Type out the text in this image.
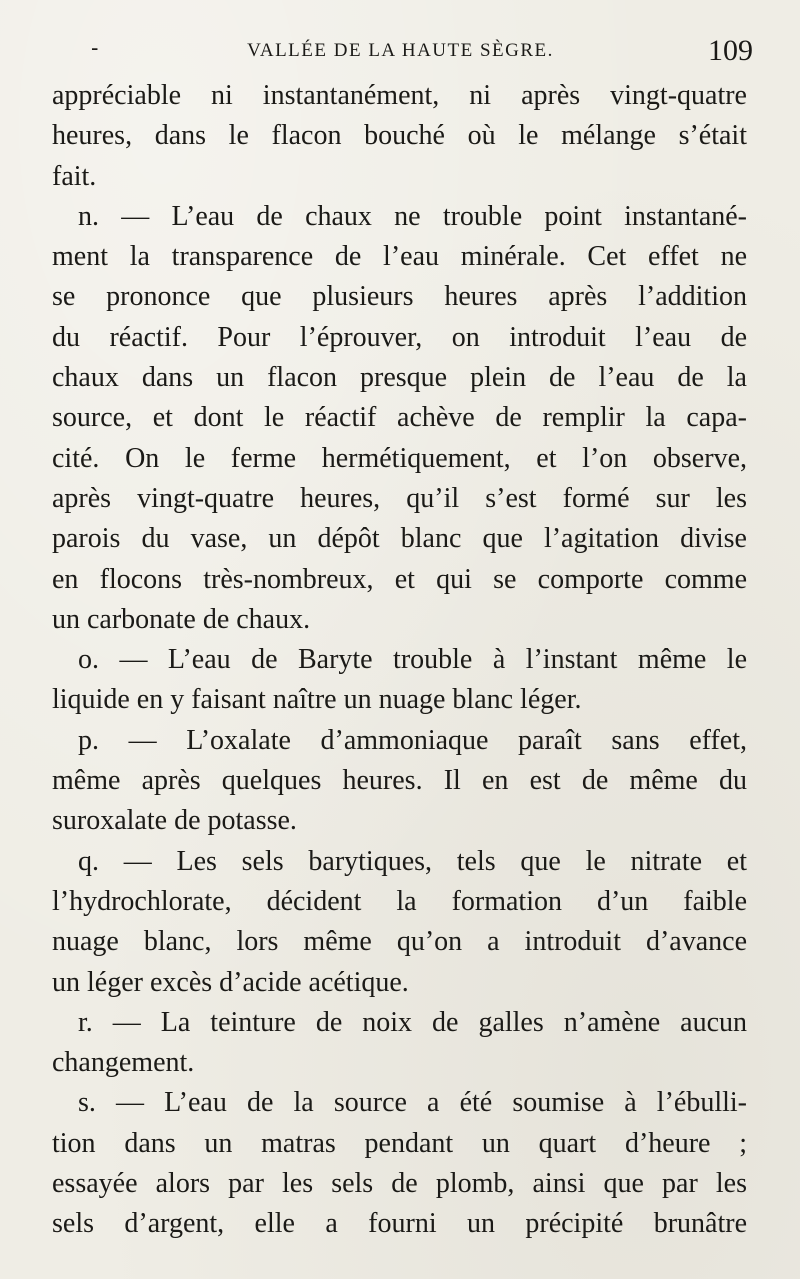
-	VALLÉE DE LA HAUTE SÈGRE.	109
appréciable ni instantanément, ni après vingt-quatre
heures, dans le flacon bouché où le mélange s’était
fait.
n. — L’eau de chaux ne trouble point instantané-
ment la transparence de l’eau minérale. Cet effet ne
se prononce que plusieurs heures après l’addition
du réactif. Pour l’éprouver, on introduit l’eau de
chaux dans un flacon presque plein de l’eau de la
source, et dont le réactif achève de remplir la capa-
cité. On le ferme hermétiquement, et l’on observe,
après vingt-quatre heures, qu’il s’est formé sur les
parois du vase, un dépôt blanc que l’agitation divise
en flocons très-nombreux, et qui se comporte comme
un carbonate de chaux.
o. — L’eau de Baryte trouble à l’instant même le
liquide en y faisant naître un nuage blanc léger.
p. — L’oxalate d’ammoniaque paraît sans effet,
même après quelques heures. Il en est de même du
suroxalate de potasse.
q. — Les sels barytiques, tels que le nitrate et
l’hydrochlorate, décident la formation d’un faible
nuage blanc, lors même qu’on a introduit d’avance
un léger excès d’acide acétique.
r. — La teinture de noix de galles n’amène aucun
changement.
s. — L’eau de la source a été soumise à l’ébulli-
tion dans un matras pendant un quart d’heure ;
essayée alors par les sels de plomb, ainsi que par les
sels d’argent, elle a fourni un précipité brunâtre
